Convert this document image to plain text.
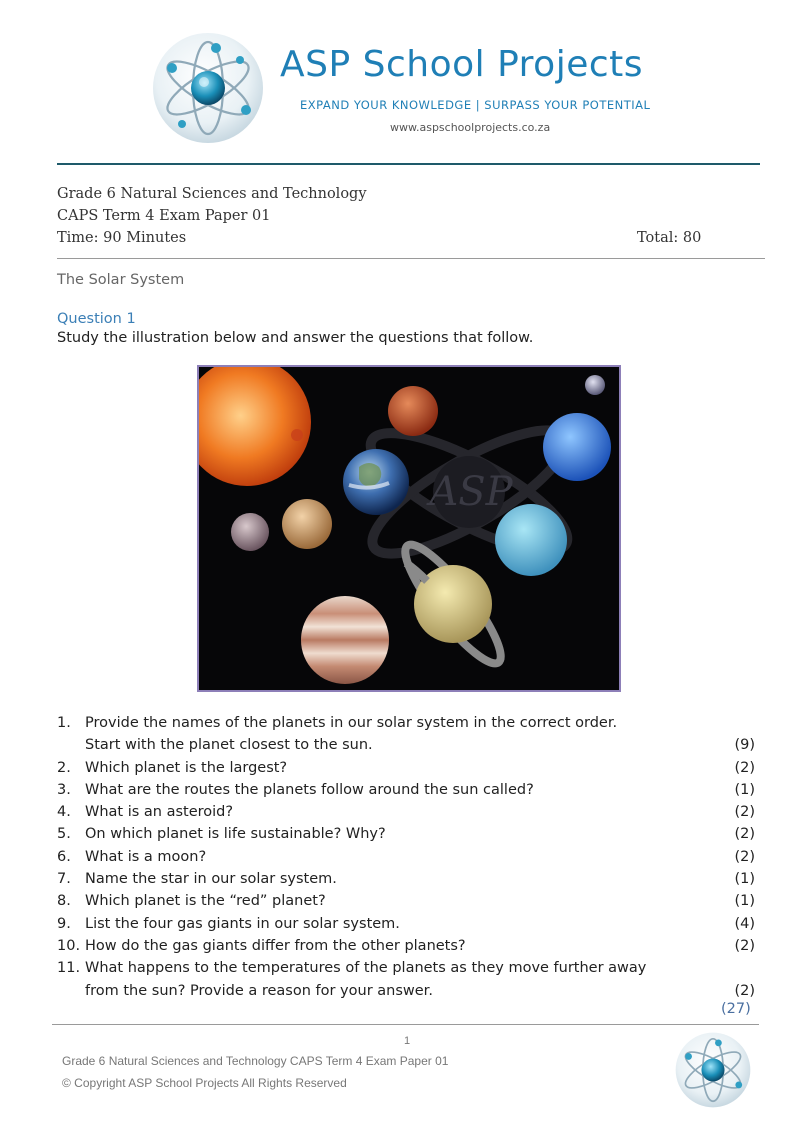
ASP School Projects
EXPAND YOUR KNOWLEDGE | SURPASS YOUR POTENTIAL
www.aspschoolprojects.co.za
Grade 6 Natural Sciences and Technology
CAPS Term 4 Exam Paper 01
Time: 90 Minutes	Total: 80
The Solar System
Question 1
Study the illustration below and answer the questions that follow.
ASP
1. Provide the names of the planets in our solar system in the correct order.
Start with the planet closest to the sun.	(9)
2. Which planet is the largest?	(2)
3. What are the routes the planets follow around the sun called?	(1)
4. What is an asteroid?	(2)
5. On which planet is life sustainable? Why?	(2)
6. What is a moon?	(2)
7. Name the star in our solar system.	(1)
8. Which planet is the “red” planet?	(1)
9. List the four gas giants in our solar system.	(4)
10. How do the gas giants differ from the other planets?	(2)
11. What happens to the temperatures of the planets as they move further away
from the sun? Provide a reason for your answer.	(2)
(27)
1
Grade 6 Natural Sciences and Technology CAPS Term 4 Exam Paper 01
© Copyright ASP School Projects All Rights Reserved
